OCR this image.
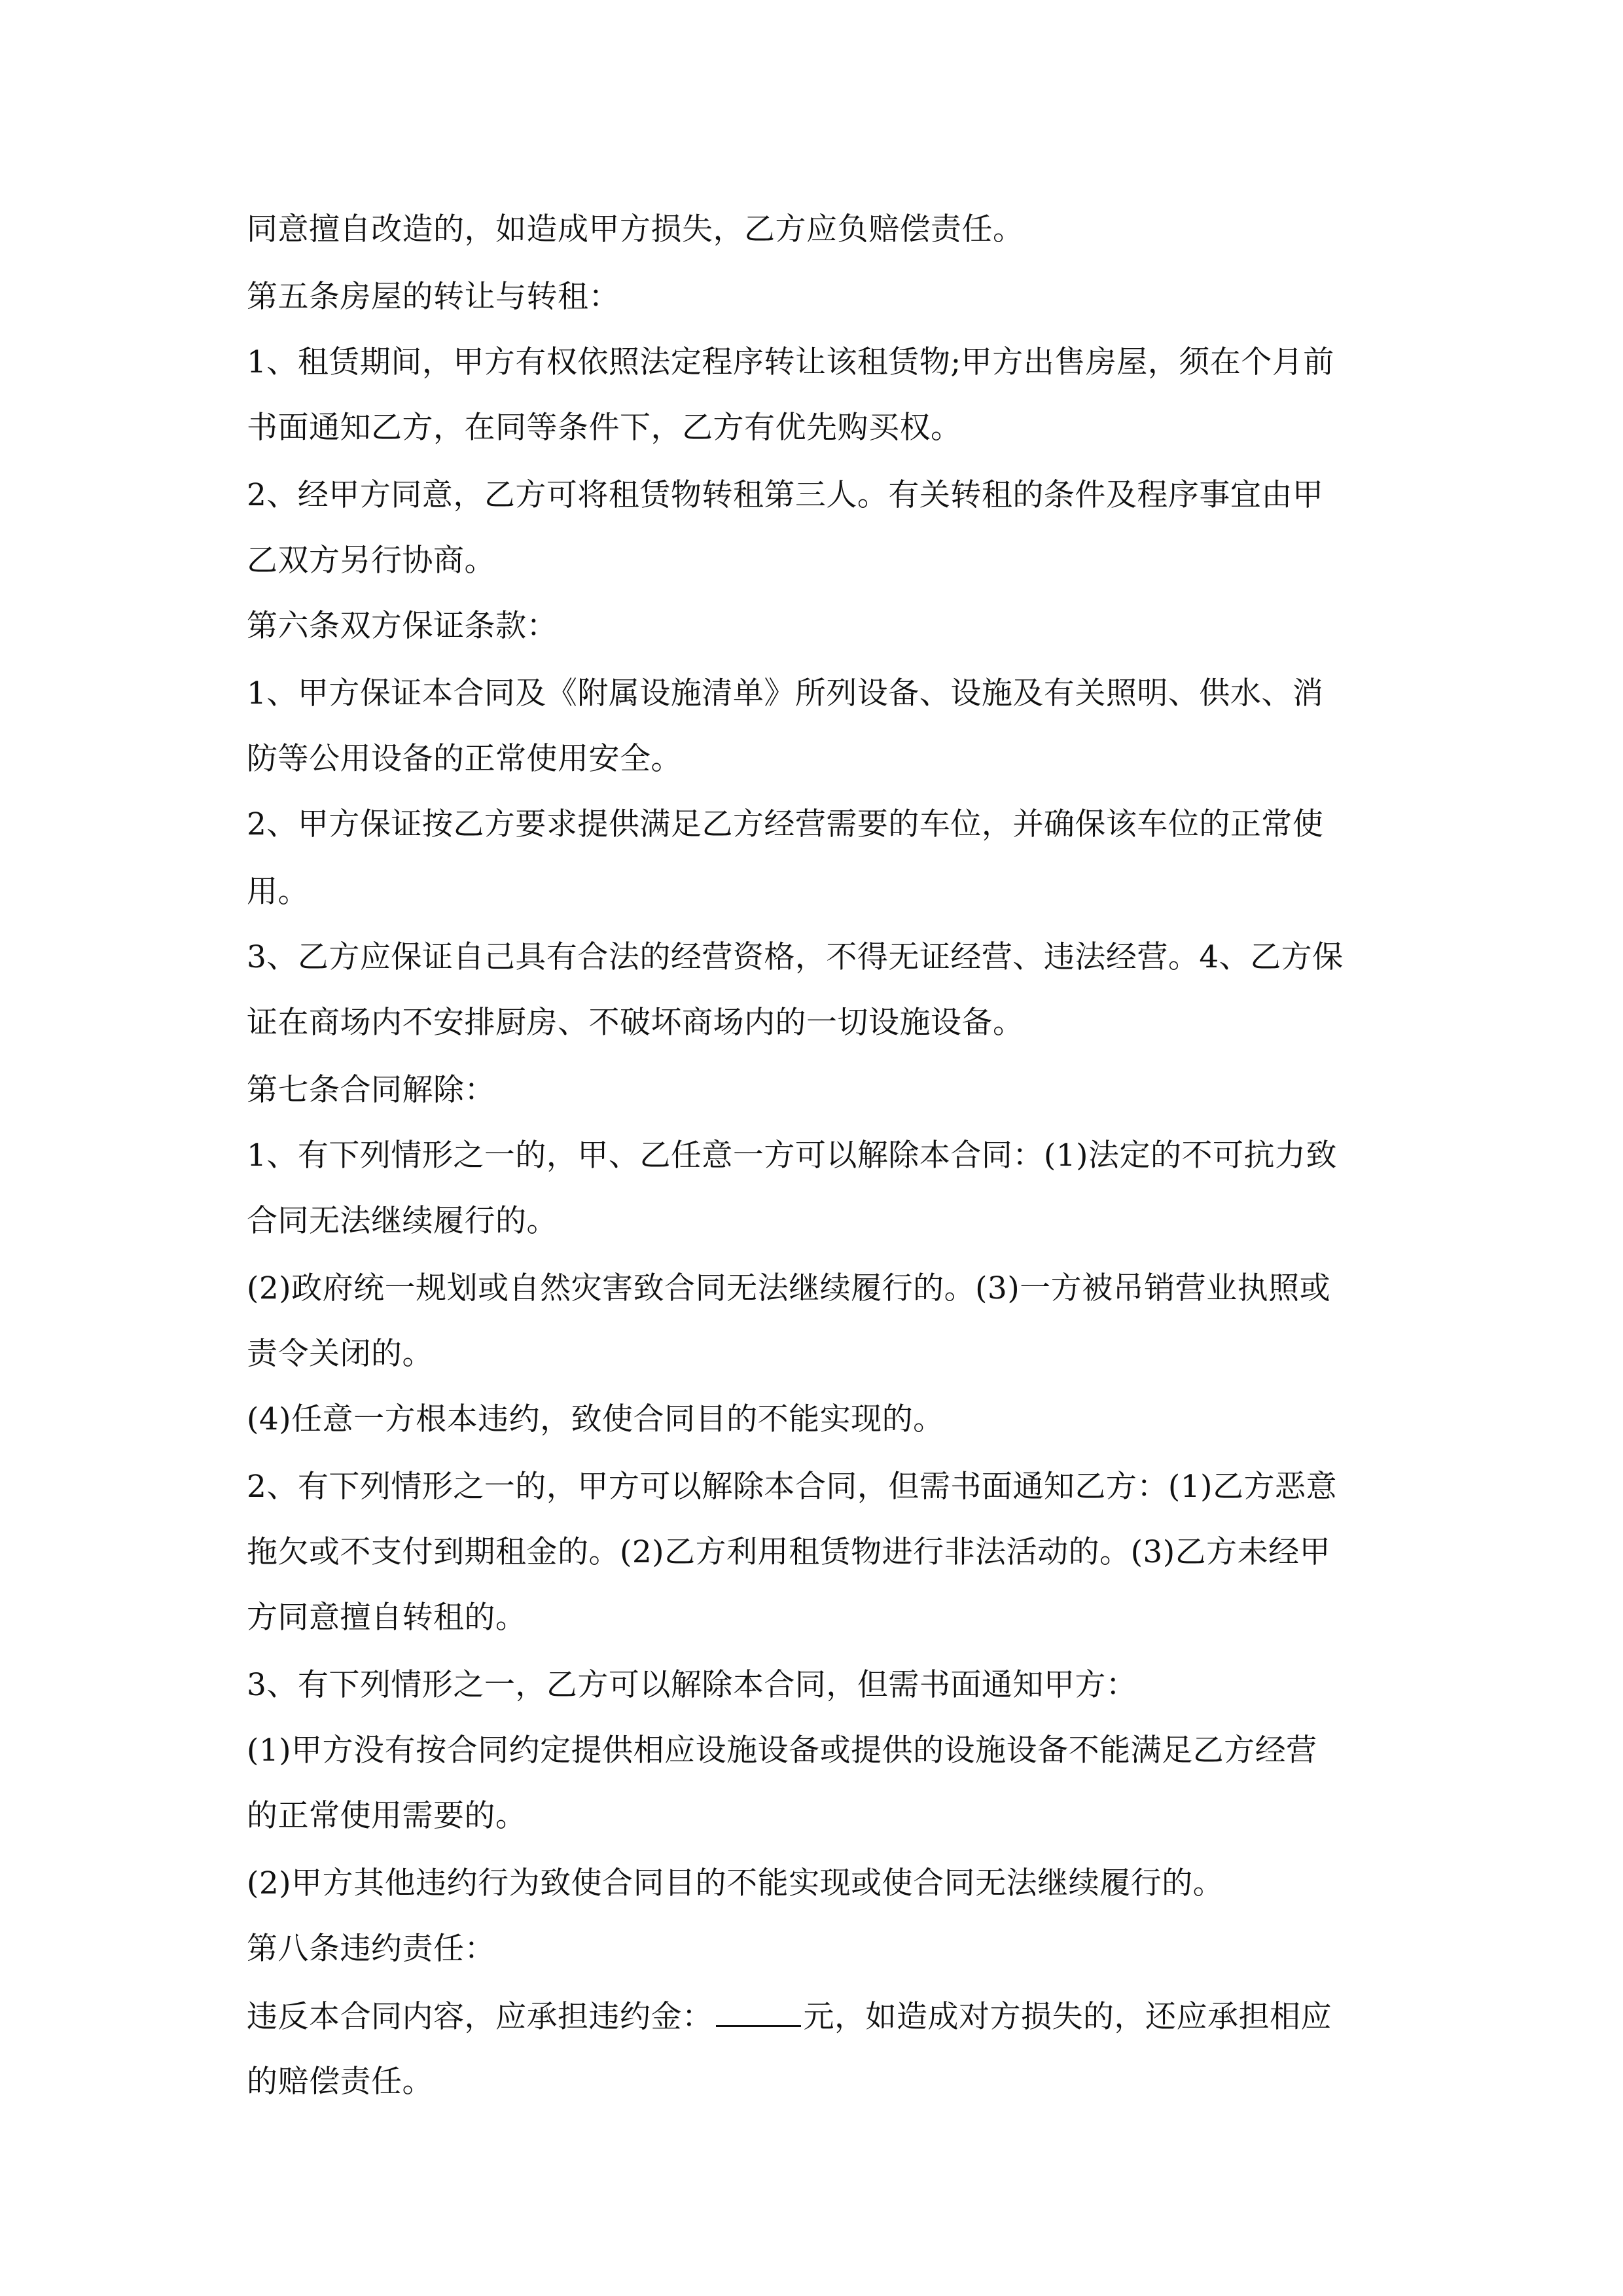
同意擅自改造的，如造成甲方损失，乙方应负赔偿责任。
第五条房屋的转让与转租：
1、租赁期间，甲方有权依照法定程序转让该租赁物;甲方出售房屋，须在个月前
书面通知乙方，在同等条件下，乙方有优先购买权。
2、经甲方同意，乙方可将租赁物转租第三人。有关转租的条件及程序事宜由甲
乙双方另行协商。
第六条双方保证条款：
1、甲方保证本合同及《附属设施清单》所列设备、设施及有关照明、供水、消
防等公用设备的正常使用安全。
2、甲方保证按乙方要求提供满足乙方经营需要的车位，并确保该车位的正常使
用。
3、乙方应保证自己具有合法的经营资格，不得无证经营、违法经营。4、乙方保
证在商场内不安排厨房、不破坏商场内的一切设施设备。
第七条合同解除：
1、有下列情形之一的，甲、乙任意一方可以解除本合同：(1)法定的不可抗力致
合同无法继续履行的。
(2)政府统一规划或自然灾害致合同无法继续履行的。(3)一方被吊销营业执照或
责令关闭的。
(4)任意一方根本违约，致使合同目的不能实现的。
2、有下列情形之一的，甲方可以解除本合同，但需书面通知乙方：(1)乙方恶意
拖欠或不支付到期租金的。(2)乙方利用租赁物进行非法活动的。(3)乙方未经甲
方同意擅自转租的。
3、有下列情形之一，乙方可以解除本合同，但需书面通知甲方：
(1)甲方没有按合同约定提供相应设施设备或提供的设施设备不能满足乙方经营
的正常使用需要的。
(2)甲方其他违约行为致使合同目的不能实现或使合同无法继续履行的。
第八条违约责任：
违反本合同内容，应承担违约金：	元，如造成对方损失的，还应承担相应
的赔偿责任。
